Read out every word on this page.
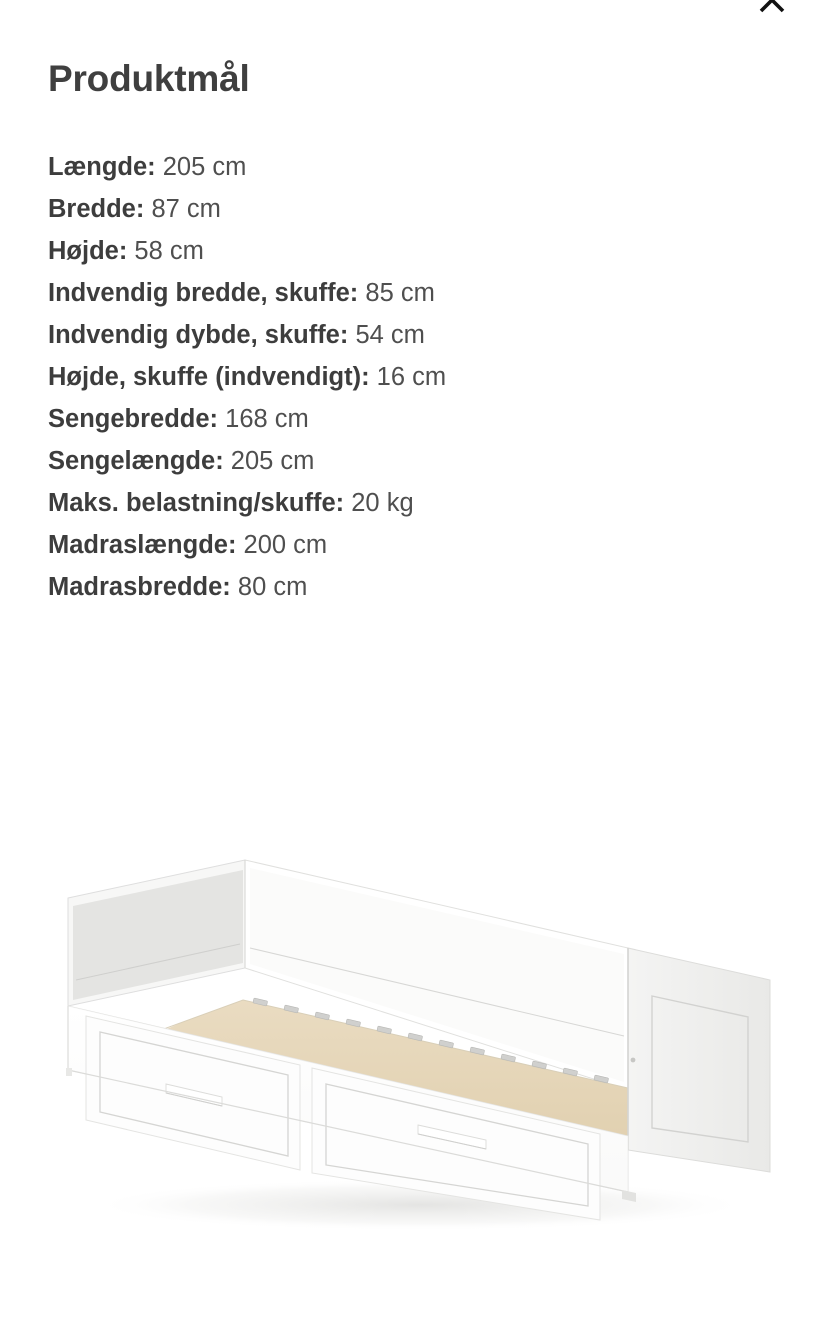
Produktmål
Længde: 205 cm
Bredde: 87 cm
Højde: 58 cm
Indvendig bredde, skuffe: 85 cm
Indvendig dybde, skuffe: 54 cm
Højde, skuffe (indvendigt): 16 cm
Sengebredde: 168 cm
Sengelængde: 205 cm
Maks. belastning/skuffe: 20 kg
Madraslængde: 200 cm
Madrasbredde: 80 cm
